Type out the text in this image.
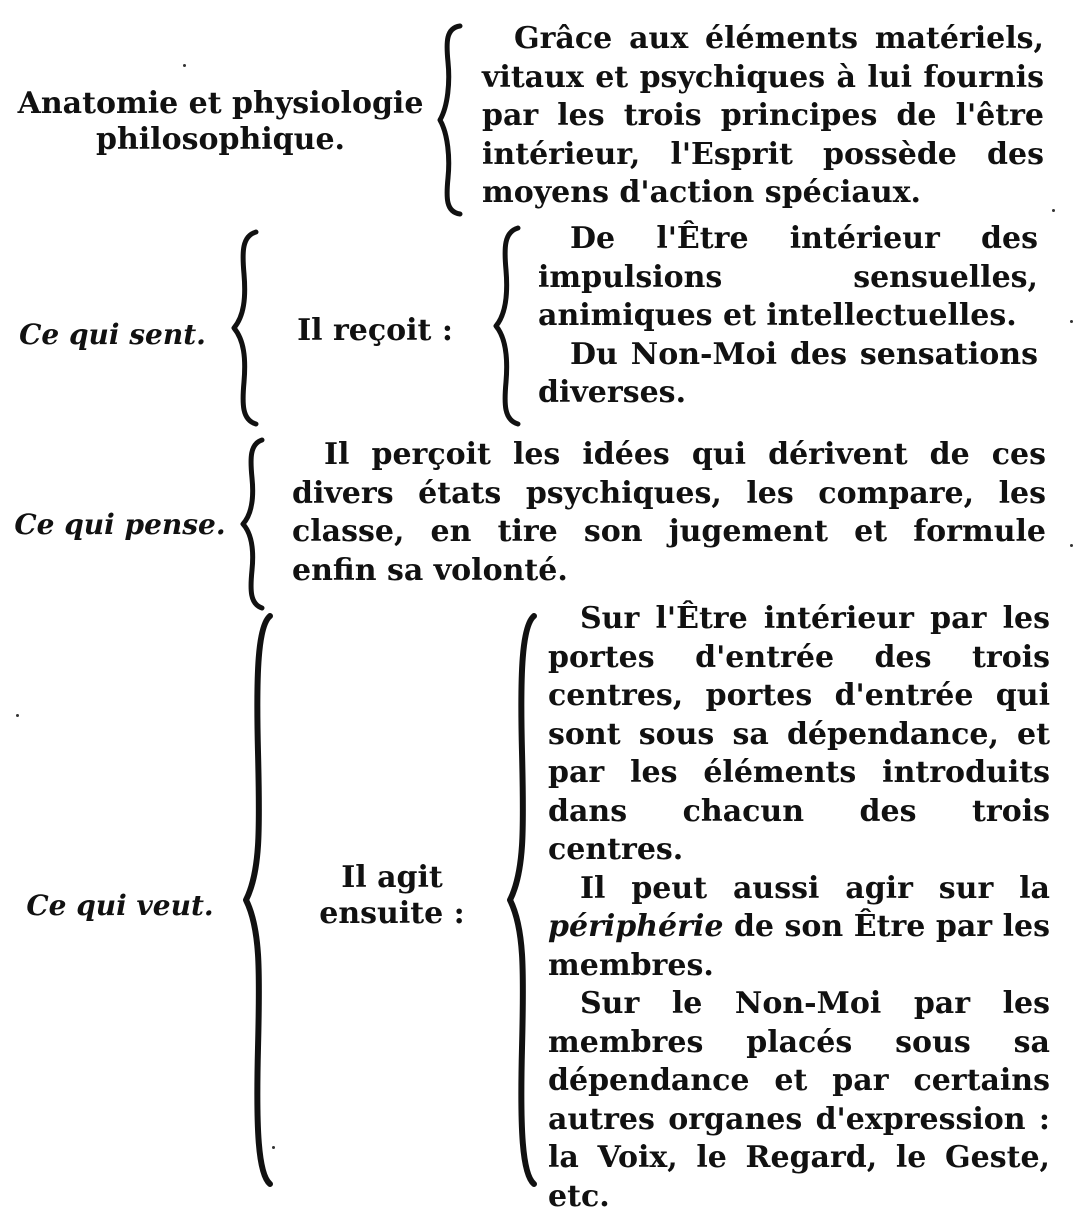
Anatomie et physiologie
philosophique.

Grâce aux éléments matériels, vitaux et psychiques à lui fournis par les trois principes de l'être intérieur, l'Esprit possède des moyens d'action spéciaux.

Ce qui sent.	Il reçoit :

De l'Être intérieur des impulsions sensuelles, animiques et intellectuelles.

Du Non-Moi des sensations diverses.

Ce qui pense.

Il perçoit les idées qui dérivent de ces divers états psychiques, les compare, les classe, en tire son jugement et formule enfin sa volonté.

Ce qui veut.
Il agit
ensuite :

Sur l'Être intérieur par les portes d'entrée des trois centres, portes d'entrée qui sont sous sa dépendance, et par les éléments introduits dans chacun des trois centres.

Il peut aussi agir sur la périphérie de son Être par les membres.

Sur le Non-Moi par les membres placés sous sa dépendance et par certains autres organes d'expression : la Voix, le Regard, le Geste, etc.
